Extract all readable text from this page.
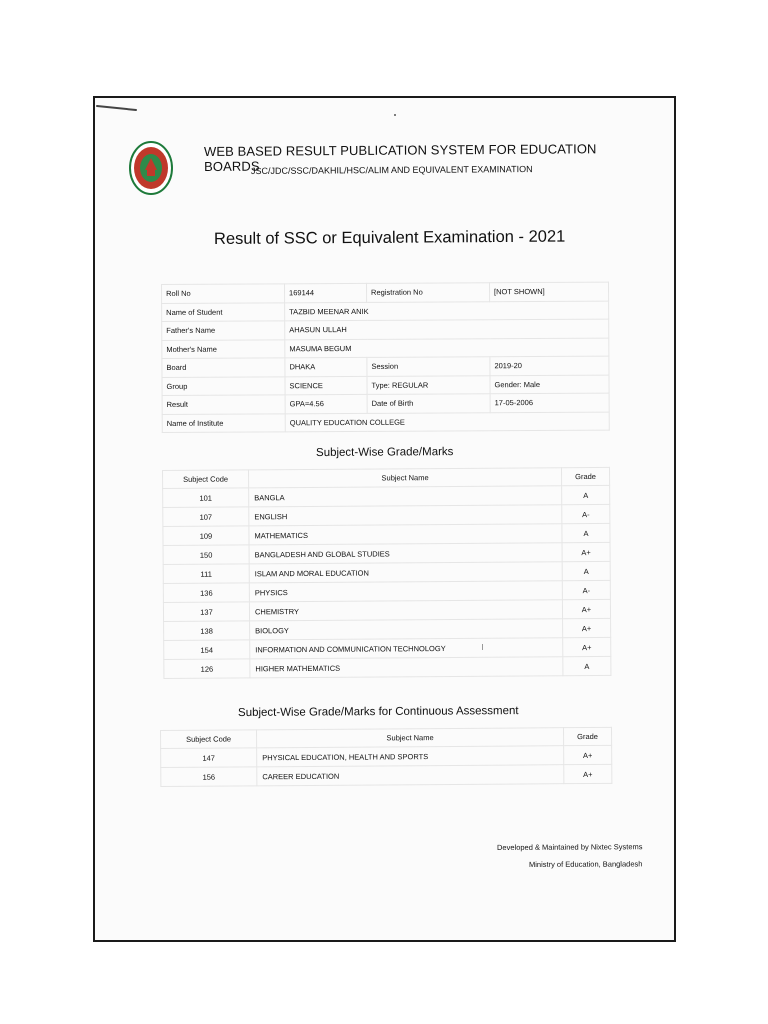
WEB BASED RESULT PUBLICATION SYSTEM FOR EDUCATION BOARDS
JSC/JDC/SSC/DAKHIL/HSC/ALIM AND EQUIVALENT EXAMINATION
Result of SSC or Equivalent Examination - 2021
Roll No	169144	Registration No	[NOT SHOWN]
Name of Student	TAZBID MEENAR ANIK		
Father's Name	AHASUN ULLAH		
Mother's Name	MASUMA BEGUM		
Board	DHAKA	Session	2019-20
Group	SCIENCE	Type: REGULAR	Gender: Male
Result	GPA=4.56	Date of Birth	17-05-2006
Name of Institute	QUALITY EDUCATION COLLEGE		
Subject-Wise Grade/Marks
Subject Code	Subject Name	Grade
101	BANGLA	A
107	ENGLISH	A-
109	MATHEMATICS	A
150	BANGLADESH AND GLOBAL STUDIES	A+
111	ISLAM AND MORAL EDUCATION	A
136	PHYSICS	A-
137	CHEMISTRY	A+
138	BIOLOGY	A+
154	INFORMATION AND COMMUNICATION TECHNOLOGY	A+
126	HIGHER MATHEMATICS	A
Subject-Wise Grade/Marks for Continuous Assessment
Subject Code	Subject Name	Grade
147	PHYSICAL EDUCATION, HEALTH AND SPORTS	A+
156	CAREER EDUCATION	A+
Developed & Maintained by Nixtec Systems
Ministry of Education, Bangladesh
